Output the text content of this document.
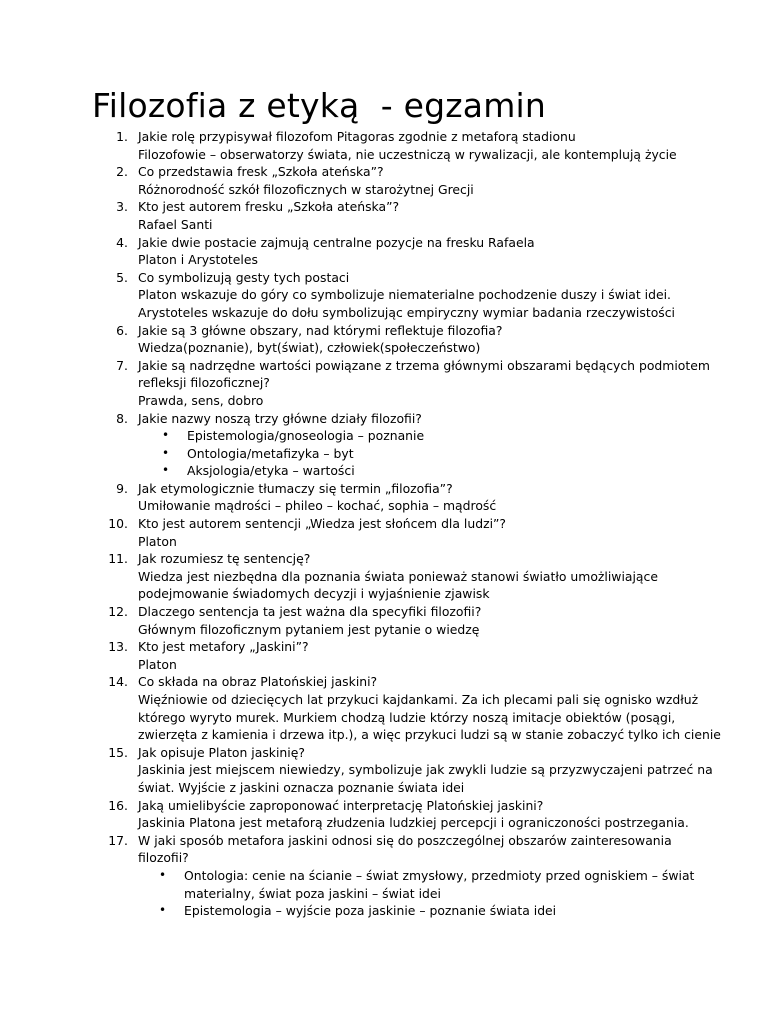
Filozofia z etyką  - egzamin
1. Jakie rolę przypisywał filozofom Pitagoras zgodnie z metaforą stadionu
Filozofowie – obserwatorzy świata, nie uczestniczą w rywalizacji, ale kontemplują życie
2. Co przedstawia fresk „Szkoła ateńska”?
Różnorodność szkół filozoficznych w starożytnej Grecji
3. Kto jest autorem fresku „Szkoła ateńska”?
Rafael Santi
4. Jakie dwie postacie zajmują centralne pozycje na fresku Rafaela
Platon i Arystoteles
5. Co symbolizują gesty tych postaci
Platon wskazuje do góry co symbolizuje niematerialne pochodzenie duszy i świat idei.
Arystoteles wskazuje do dołu symbolizując empiryczny wymiar badania rzeczywistości
6. Jakie są 3 główne obszary, nad którymi reflektuje filozofia?
Wiedza(poznanie), byt(świat), człowiek(społeczeństwo)
7. Jakie są nadrzędne wartości powiązane z trzema głównymi obszarami będących podmiotem
refleksji filozoficznej?
Prawda, sens, dobro
8. Jakie nazwy noszą trzy główne działy filozofii?
• Epistemologia/gnoseologia – poznanie
• Ontologia/metafizyka – byt
• Aksjologia/etyka – wartości
9. Jak etymologicznie tłumaczy się termin „filozofia”?
Umiłowanie mądrości – phileo – kochać, sophia – mądrość
10. Kto jest autorem sentencji „Wiedza jest słońcem dla ludzi”?
Platon
11. Jak rozumiesz tę sentencję?
Wiedza jest niezbędna dla poznania świata ponieważ stanowi światło umożliwiające
podejmowanie świadomych decyzji i wyjaśnienie zjawisk
12. Dlaczego sentencja ta jest ważna dla specyfiki filozofii?
Głównym filozoficznym pytaniem jest pytanie o wiedzę
13. Kto jest metafory „Jaskini”?
Platon
14. Co składa na obraz Platońskiej jaskini?
Więźniowie od dziecięcych lat przykuci kajdankami. Za ich plecami pali się ognisko wzdłuż
którego wyryto murek. Murkiem chodzą ludzie którzy noszą imitacje obiektów (posągi,
zwierzęta z kamienia i drzewa itp.), a więc przykuci ludzi są w stanie zobaczyć tylko ich cienie
15. Jak opisuje Platon jaskinię?
Jaskinia jest miejscem niewiedzy, symbolizuje jak zwykli ludzie są przyzwyczajeni patrzeć na
świat. Wyjście z jaskini oznacza poznanie świata idei
16. Jaką umielibyście zaproponować interpretację Platońskiej jaskini?
Jaskinia Platona jest metaforą złudzenia ludzkiej percepcji i ograniczoności postrzegania.
17. W jaki sposób metafora jaskini odnosi się do poszczególnej obszarów zainteresowania
filozofii?
• Ontologia: cenie na ścianie – świat zmysłowy, przedmioty przed ogniskiem – świat
materialny, świat poza jaskini – świat idei
• Epistemologia – wyjście poza jaskinie – poznanie świata idei
